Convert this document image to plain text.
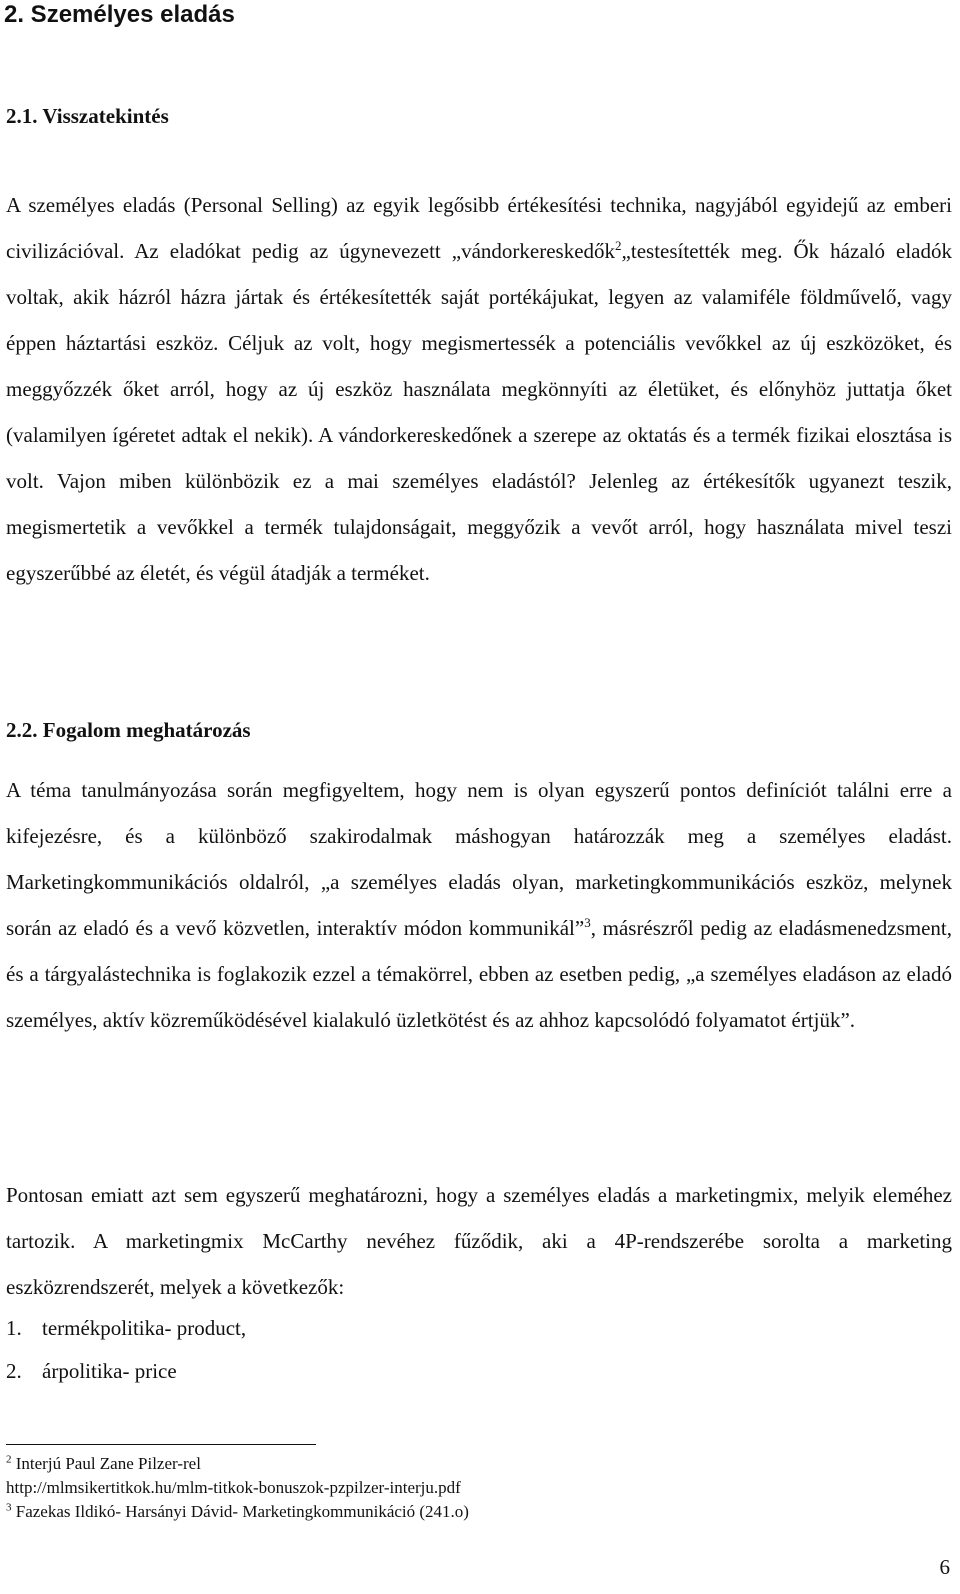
2. Személyes eladás
2.1. Visszatekintés

A személyes eladás (Personal Selling) az egyik legősibb értékesítési technika, nagyjából egyidejű az emberi civilizációval. Az eladókat pedig az úgynevezett „vándorkereskedők$^2$„testesítették meg. Ők házaló eladók voltak, akik házról házra jártak és értékesítették saját portékájukat, legyen az valamiféle földművelő, vagy éppen háztartási eszköz. Céljuk az volt, hogy megismertessék a potenciális vevőkkel az új eszközöket, és meggyőzzék őket arról, hogy az új eszköz használata megkönnyíti az életüket, és előnyhöz juttatja őket (valamilyen ígéretet adtak el nekik). A vándorkereskedőnek a szerepe az oktatás és a termék fizikai elosztása is volt. Vajon miben különbözik ez a mai személyes eladástól? Jelenleg az értékesítők ugyanezt teszik, megismertetik a vevőkkel a termék tulajdonságait, meggyőzik a vevőt arról, hogy használata mivel teszi egyszerűbbé az életét, és végül átadják a terméket.

2.2. Fogalom meghatározás

A téma tanulmányozása során megfigyeltem, hogy nem is olyan egyszerű pontos definíciót találni erre a kifejezésre, és a különböző szakirodalmak máshogyan határozzák meg a személyes eladást. Marketingkommunikációs oldalról, „a személyes eladás olyan, marketingkommunikációs eszköz, melynek során az eladó és a vevő közvetlen, interaktív módon kommunikál”$^3$, másrészről pedig az eladásmenedzsment, és a tárgyalástechnika is foglakozik ezzel a témakörrel, ebben az esetben pedig, „a személyes eladáson az eladó személyes, aktív közreműködésével kialakuló üzletkötést és az ahhoz kapcsolódó folyamatot értjük”.

Pontosan emiatt azt sem egyszerű meghatározni, hogy a személyes eladás a marketingmix, melyik eleméhez tartozik. A marketingmix McCarthy nevéhez fűződik, aki a 4P-rendszerébe sorolta a marketing eszközrendszerét, melyek a következők:

1. termékpolitika- product,

2. árpolitika- price

$^2$ Interjú Paul Zane Pilzer-rel

http://mlmsikertitkok.hu/mlm-titkok-bonuszok-pzpilzer-interju.pdf

$^3$ Fazekas Ildikó- Harsányi Dávid- Marketingkommunikáció (241.o)

6
